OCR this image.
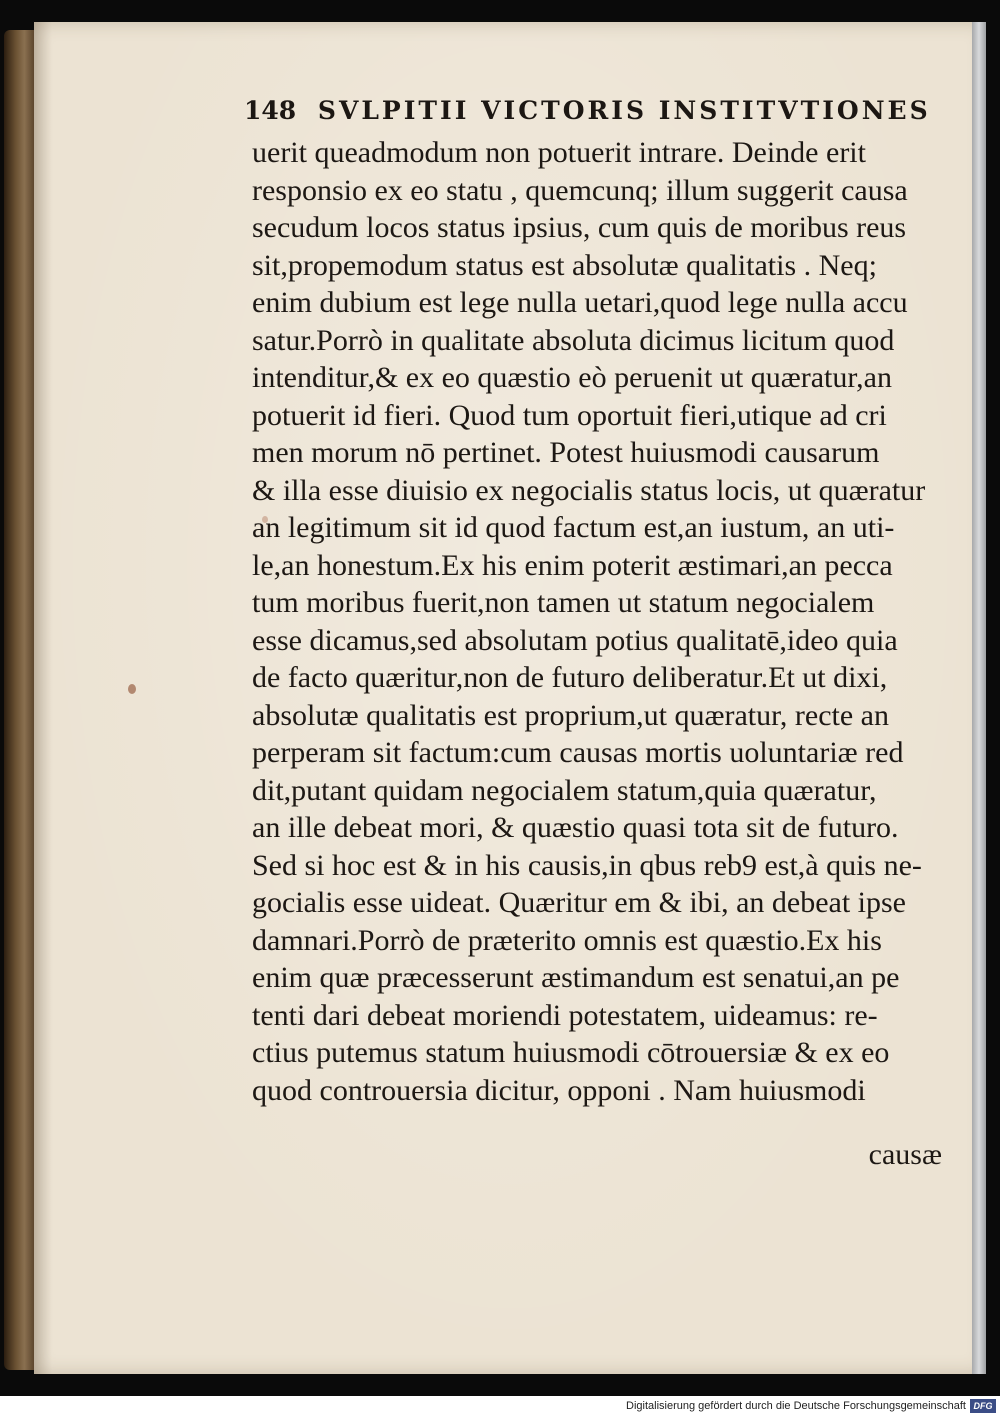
148 SVLPITII VICTORIS INSTITVTIONES
uerit queadmodum non potuerit intrare. Deinde erit
responsio ex eo statu , quemcunq; illum suggerit causa
secudum locos status ipsius, cum quis de moribus reus
sit,propemodum status est absolutæ qualitatis . Neq;
enim dubium est lege nulla uetari,quod lege nulla accu
satur.Porrò in qualitate absoluta dicimus licitum quod
intenditur,& ex eo quæstio eò peruenit ut quæratur,an
potuerit id fieri. Quod tum oportuit fieri,utique ad cri
men morum nō pertinet. Potest huiusmodi causarum
& illa esse diuisio ex negocialis status locis, ut quæratur
an legitimum sit id quod factum est,an iustum, an uti-
le,an honestum.Ex his enim poterit æstimari,an pecca
tum moribus fuerit,non tamen ut statum negocialem
esse dicamus,sed absolutam potius qualitatē,ideo quia
de facto quæritur,non de futuro deliberatur.Et ut dixi,
absolutæ qualitatis est proprium,ut quæratur, recte an
perperam sit factum:cum causas mortis uoluntariæ red
dit,putant quidam negocialem statum,quia quæratur,
an ille debeat mori, & quæstio quasi tota sit de futuro.
Sed si hoc est & in his causis,in qbus reb9 est,à quis ne-
gocialis esse uideat. Quæritur em & ibi, an debeat ipse
damnari.Porrò de præterito omnis est quæstio.Ex his
enim quæ præcesserunt æstimandum est senatui,an pe
tenti dari debeat moriendi potestatem, uideamus: re-
ctius putemus statum huiusmodi cōtrouersiæ & ex eo
quod controuersia dicitur, opponi . Nam huiusmodi
causæ
Digitalisierung gefördert durch die Deutsche Forschungsgemeinschaft DFG
